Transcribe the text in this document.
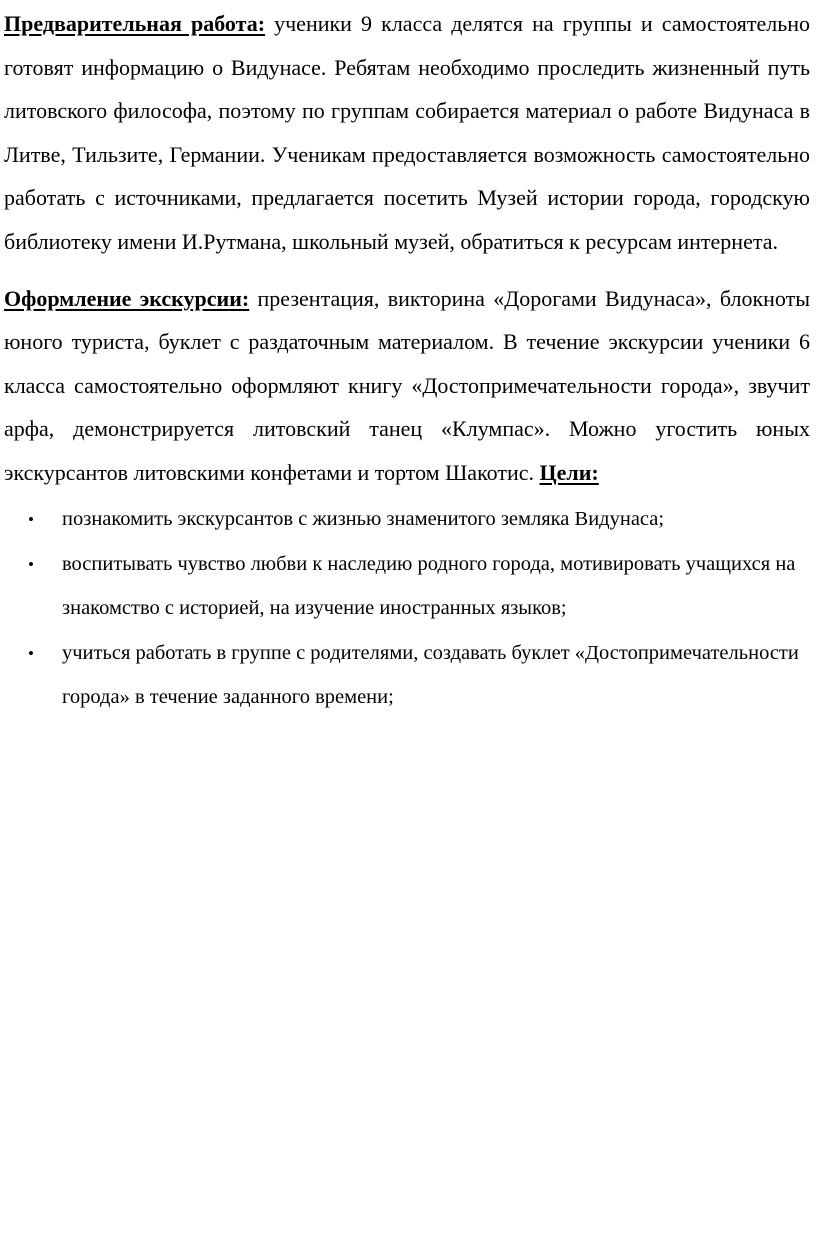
Предварительная работа: ученики 9 класса делятся на группы и самостоятельно готовят информацию о Видунасе. Ребятам необходимо проследить жизненный путь литовского философа, поэтому по группам собирается материал о работе Видунаса в Литве, Тильзите, Германии. Ученикам предоставляется возможность самостоятельно работать с источниками, предлагается посетить Музей истории города, городскую библиотеку имени И.Рутмана, школьный музей, обратиться к ресурсам интернета.

Оформление экскурсии: презентация, викторина «Дорогами Видунаса», блокноты юного туриста, буклет с раздаточным материалом. В течение экскурсии ученики 6 класса самостоятельно оформляют книгу «Достопримечательности города», звучит арфа, демонстрируется литовский танец «Клумпас». Можно угостить юных экскурсантов литовскими конфетами и тортом Шакотис. Цели:

• познакомить экскурсантов с жизнью знаменитого земляка Видунаса;
• воспитывать чувство любви к наследию родного города, мотивировать учащихся на знакомство с историей, на изучение иностранных языков;
• учиться работать в группе с родителями, создавать буклет «Достопримечательности города» в течение заданного времени;
